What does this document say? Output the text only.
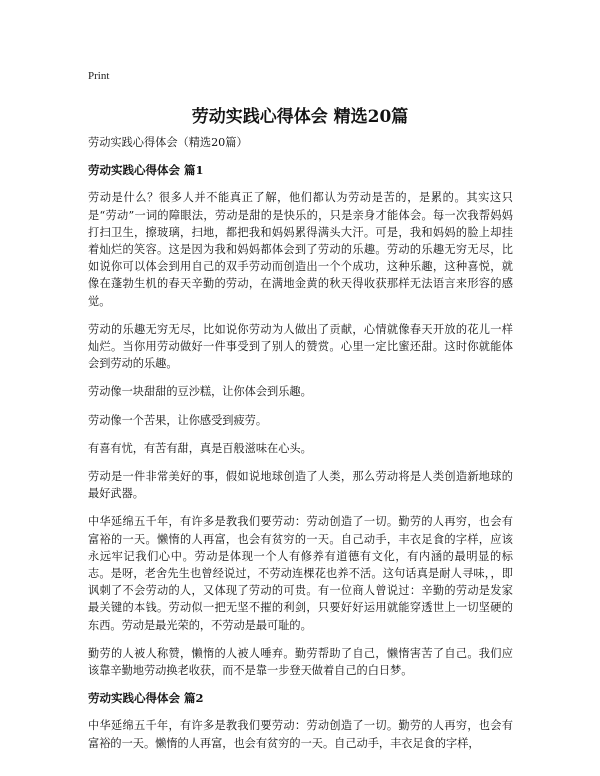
Print
劳动实践心得体会 精选20篇

劳动实践心得体会（精选20篇）

劳动实践心得体会 篇1

劳动是什么？很多人并不能真正了解，他们都认为劳动是苦的，是累的。其实这只是“劳动”一词的障眼法，劳动是甜的是快乐的，只是亲身才能体会。每一次我帮妈妈打扫卫生，擦玻璃，扫地，都把我和妈妈累得满头大汗。可是，我和妈妈的脸上却挂着灿烂的笑容。这是因为我和妈妈都体会到了劳动的乐趣。劳动的乐趣无穷无尽，比如说你可以体会到用自己的双手劳动而创造出一个个成功，这种乐趣，这种喜悦，就像在蓬勃生机的春天辛勤的劳动，在满地金黄的秋天得收获那样无法语言来形容的感觉。

劳动的乐趣无穷无尽，比如说你劳动为人做出了贡献，心情就像春天开放的花儿一样灿烂。当你用劳动做好一件事受到了别人的赞赏。心里一定比蜜还甜。这时你就能体会到劳动的乐趣。

劳动像一块甜甜的豆沙糕，让你体会到乐趣。

劳动像一个苦果，让你感受到疲劳。

有喜有忧，有苦有甜，真是百般滋味在心头。

劳动是一件非常美好的事，假如说地球创造了人类，那么劳动将是人类创造新地球的最好武器。

中华延绵五千年，有许多是教我们要劳动：劳动创造了一切。勤劳的人再穷，也会有富裕的一天。懒惰的人再富，也会有贫穷的一天。自己动手，丰衣足食的字样，应该永远牢记我们心中。劳动是体现一个人有修养有道德有文化，有内涵的最明显的标志。是呀，老舍先生也曾经说过，不劳动连棵花也养不活。这句话真是耐人寻味，，即讽刺了不会劳动的人，又体现了劳动的可贵。有一位商人曾说过：辛勤的劳动是发家最关键的本钱。劳动似一把无坚不摧的利剑，只要好好运用就能穿透世上一切坚硬的东西。劳动是最光荣的，不劳动是最可耻的。

勤劳的人被人称赞，懒惰的人被人唾弃。勤劳帮助了自己，懒惰害苦了自己。我们应该靠辛勤地劳动换老收获，而不是靠一步登天做着自己的白日梦。

劳动实践心得体会 篇2

中华延绵五千年，有许多是教我们要劳动：劳动创造了一切。勤劳的人再穷，也会有富裕的一天。懒惰的人再富，也会有贫穷的一天。自己动手，丰衣足食的字样，
